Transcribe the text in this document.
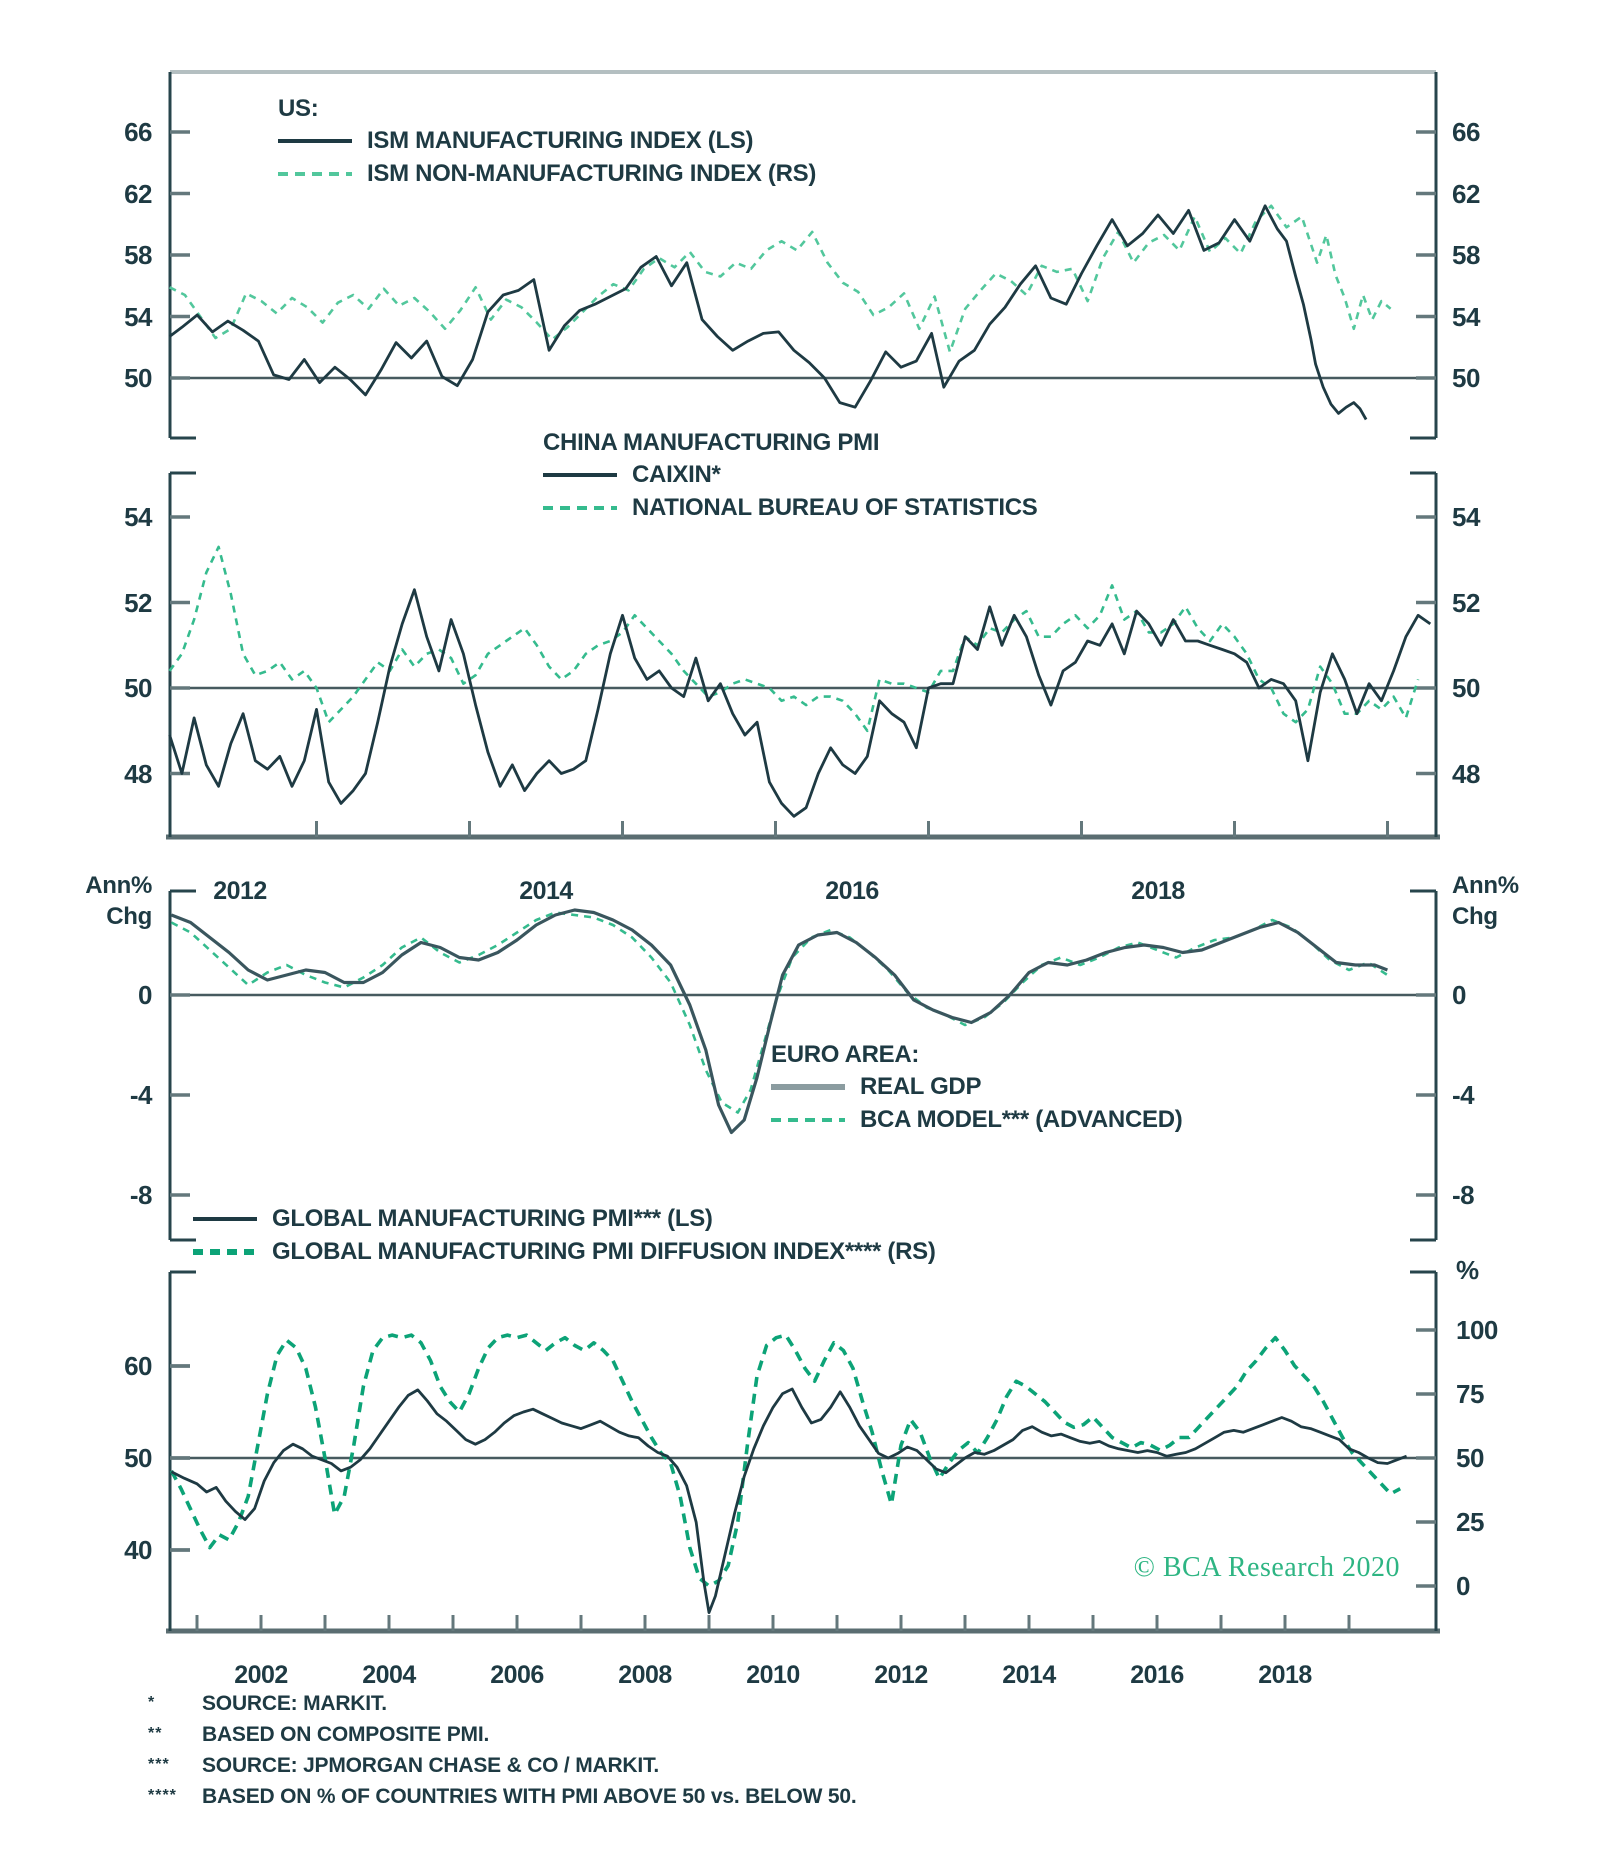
66	66
62	62
58	58
54	54
50	50
54	54
52	52
50	50
48	48
0	0
-4	-4
-8	-8
60
50
40
100
75
50
25
0
%
2012	2014	2016	2018
2002	2004	2006	2008	2010	2012	2014	2016	2018
US:
ISM MANUFACTURING INDEX (LS)
ISM NON-MANUFACTURING INDEX (RS)
CHINA MANUFACTURING PMI
CAIXIN*
NATIONAL BUREAU OF STATISTICS
EURO AREA:
REAL GDP
BCA MODEL*** (ADVANCED)
GLOBAL MANUFACTURING PMI*** (LS)
GLOBAL MANUFACTURING PMI DIFFUSION INDEX**** (RS)
Ann%
Chg
Ann%
Chg
© BCA Research 2020
*	SOURCE: MARKIT.
**	BASED ON COMPOSITE PMI.
***	SOURCE: JPMORGAN CHASE & CO / MARKIT.
****	BASED ON % OF COUNTRIES WITH PMI ABOVE 50 vs. BELOW 50.
